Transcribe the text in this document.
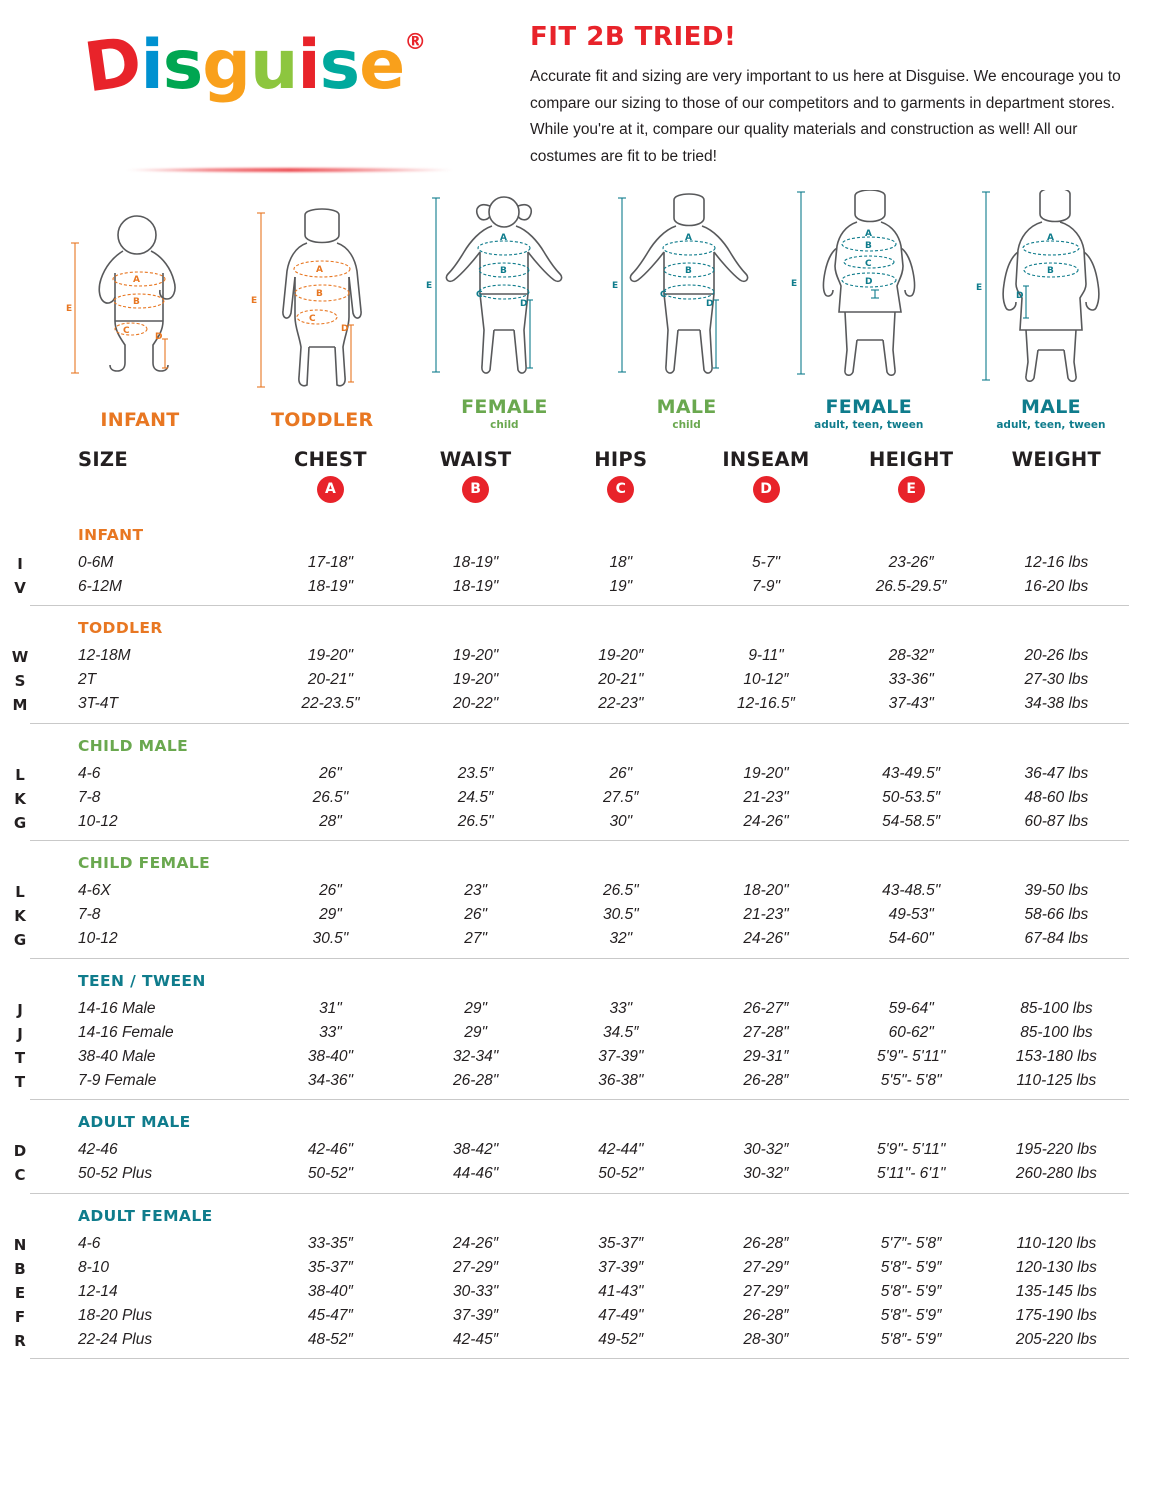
Disguise®	FIT 2B TRIED!
Accurate fit and sizing are very important to us here at Disguise. We encourage you to compare our sizing to those of our competitors and to garments in department stores. While you're at it, compare our quality materials and construction as well! All our costumes are fit to be tried!
A
B
C
D
E
INFANT
A
B
C
D
E
TODDLER
A
B
C
D
E
FEMALE
child
A
B
C
D
E
MALE
child
A
B
C
D
E
FEMALE
adult, teen, tween
A
B
D
E
MALE
adult, teen, tween
I
V
W
S
M
L
K
G
L
K
G
J
J
T
T
D
C
N
B
E
F
R
SIZE	CHEST	WAIST	HIPS	INSEAM	HEIGHT	WEIGHT
	A	B	C	D	E	
INFANT						
0-6M	17-18"	18-19"	18"	5-7"	23-26″	12-16 lbs
6-12M	18-19"	18-19"	19"	7-9"	26.5-29.5″	16-20 lbs

TODDLER						
12-18M	19-20"	19-20"	19-20″	9-11"	28-32″	20-26 lbs
2T	20-21"	19-20"	20-21"	10-12″	33-36"	27-30 lbs
3T-4T	22-23.5"	20-22"	22-23"	12-16.5″	37-43"	34-38 lbs

CHILD MALE						
4-6	26"	23.5″	26"	19-20"	43-49.5″	36-47 lbs
7-8	26.5"	24.5″	27.5″	21-23"	50-53.5″	48-60 lbs
10-12	28"	26.5"	30"	24-26"	54-58.5″	60-87 lbs

CHILD FEMALE						
4-6X	26"	23"	26.5"	18-20"	43-48.5"	39-50 lbs
7-8	29"	26"	30.5"	21-23"	49-53"	58-66 lbs
10-12	30.5"	27"	32"	24-26"	54-60"	67-84 lbs

TEEN / TWEEN						
14-16 Male	31"	29"	33"	26-27″	59-64"	85-100 lbs
14-16 Female	33"	29"	34.5″	27-28"	60-62"	85-100 lbs
38-40 Male	38-40"	32-34"	37-39"	29-31″	5'9"- 5'11"	153-180 lbs
7-9 Female	34-36"	26-28"	36-38"	26-28″	5'5"- 5'8"	110-125 lbs

ADULT MALE						
42-46	42-46"	38-42"	42-44"	30-32″	5'9"- 5'11"	195-220 lbs
50-52 Plus	50-52"	44-46"	50-52"	30-32″	5'11"- 6'1"	260-280 lbs

ADULT FEMALE						
4-6	33-35″	24-26″	35-37″	26-28″	5'7″- 5'8″	110-120 lbs
8-10	35-37″	27-29″	37-39″	27-29″	5'8″- 5'9″	120-130 lbs
12-14	38-40″	30-33"	41-43"	27-29″	5'8"- 5'9″	135-145 lbs
18-20 Plus	45-47″	37-39″	47-49"	26-28″	5'8"- 5'9″	175-190 lbs
22-24 Plus	48-52″	42-45″	49-52″	28-30″	5'8″- 5'9″	205-220 lbs
